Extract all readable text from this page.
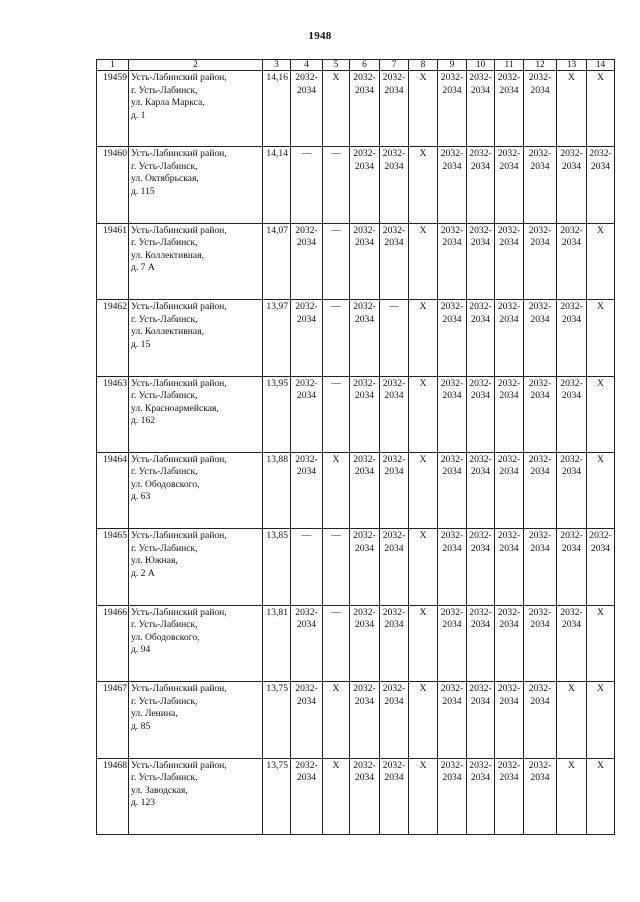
1948
1	2	3	4	5	6	7	8	9	10	11	12	13	14
19459	Усть-Лабинский район,
г. Усть-Лабинск,
ул. Карла Маркса,
д. 1	14,16	2032-
2034	X	2032-
2034	2032-
2034	X	2032-
2034	2032-
2034	2032-
2034	2032-
2034	X	X
19460	Усть-Лабинский район,
г. Усть-Лабинск,
ул. Октябрьская,
д. 115	14,14	—	—	2032-
2034	2032-
2034	X	2032-
2034	2032-
2034	2032-
2034	2032-
2034	2032-
2034	2032-
2034

19461	Усть-Лабинский район,
г. Усть-Лабинск,
ул. Коллективная,
д. 7 А	14,07	2032-
2034	—	2032-
2034	2032-
2034	X	2032-
2034	2032-
2034	2032-
2034	2032-
2034	2032-
2034	X
19462	Усть-Лабинский район,
г. Усть-Лабинск,
ул. Коллективная,
д. 15	13,97	2032-
2034	—	2032-
2034	—	X	2032-
2034	2032-
2034	2032-
2034	2032-
2034	2032-
2034	X
19463	Усть-Лабинский район,
г. Усть-Лабинск,
ул. Красноармейская,
д. 162	13,95	2032-
2034	—	2032-
2034	2032-
2034	X	2032-
2034	2032-
2034	2032-
2034	2032-
2034	2032-
2034	X
19464	Усть-Лабинский район,
г. Усть-Лабинск,
ул. Ободовского,
д. 63	13,88	2032-
2034	X	2032-
2034	2032-
2034	X	2032-
2034	2032-
2034	2032-
2034	2032-
2034	2032-
2034	X
19465	Усть-Лабинский район,
г. Усть-Лабинск,
ул. Южная,
д. 2 А	13,85	—	—	2032-
2034	2032-
2034	X	2032-
2034	2032-
2034	2032-
2034	2032-
2034	2032-
2034	2032-
2034

19466	Усть-Лабинский район,
г. Усть-Лабинск,
ул. Ободовского,
д. 94	13,81	2032-
2034	—	2032-
2034	2032-
2034	X	2032-
2034	2032-
2034	2032-
2034	2032-
2034	2032-
2034	X
19467	Усть-Лабинский район,
г. Усть-Лабинск,
ул. Ленина,
д. 85	13,75	2032-
2034	X	2032-
2034	2032-
2034	X	2032-
2034	2032-
2034	2032-
2034	2032-
2034	X	X
19468	Усть-Лабинский район,
г. Усть-Лабинск,
ул. Заводская,
д. 123	13,75	2032-
2034	X	2032-
2034	2032-
2034	X	2032-
2034	2032-
2034	2032-
2034	2032-
2034	X	X
